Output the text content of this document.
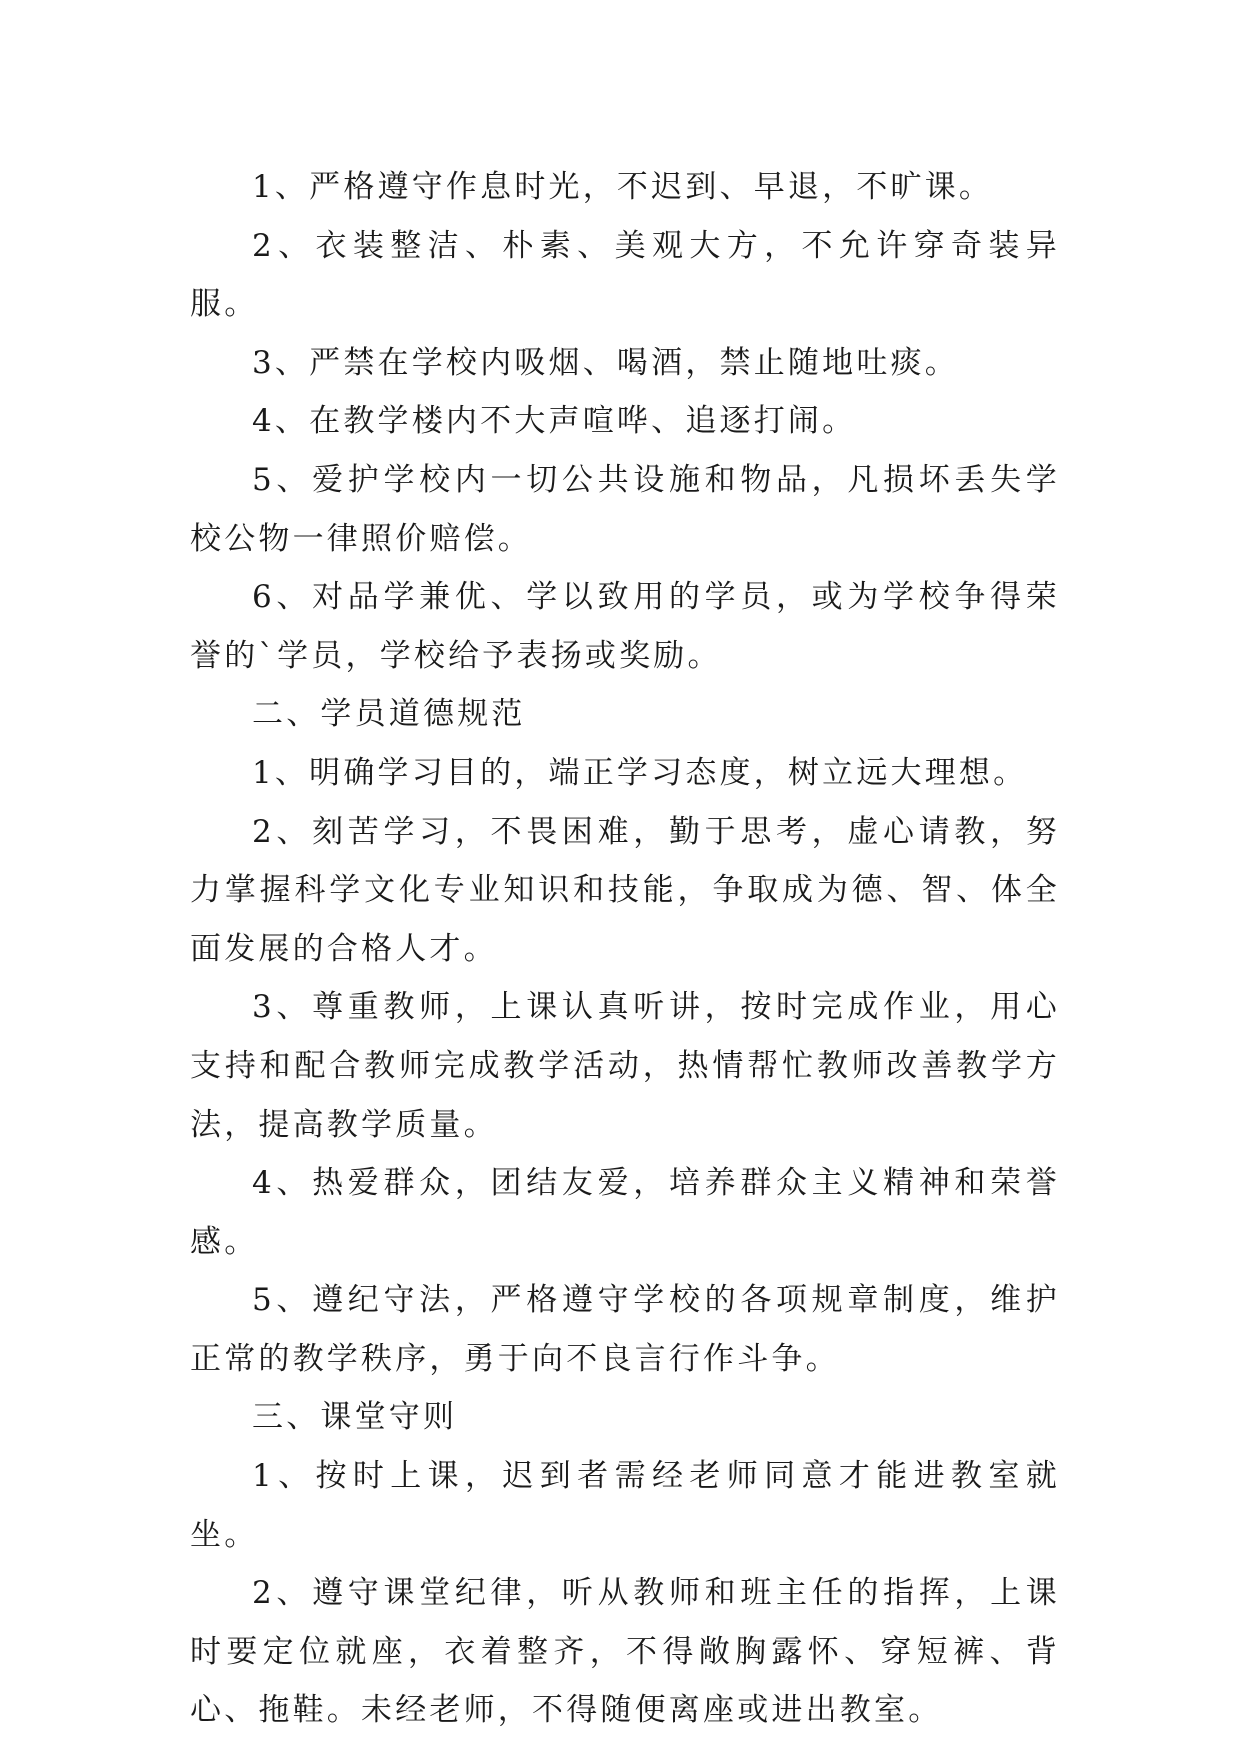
1、严格遵守作息时光，不迟到、早退，不旷课。

2、衣装整洁、朴素、美观大方，不允许穿奇装异服。

3、严禁在学校内吸烟、喝酒，禁止随地吐痰。

4、在教学楼内不大声喧哗、追逐打闹。

5、爱护学校内一切公共设施和物品，凡损坏丢失学校公物一律照价赔偿。

6、对品学兼优、学以致用的学员，或为学校争得荣誉的`学员，学校给予表扬或奖励。

二、学员道德规范

1、明确学习目的，端正学习态度，树立远大理想。

2、刻苦学习，不畏困难，勤于思考，虚心请教，努力掌握科学文化专业知识和技能，争取成为德、智、体全面发展的合格人才。

3、尊重教师，上课认真听讲，按时完成作业，用心支持和配合教师完成教学活动，热情帮忙教师改善教学方法，提高教学质量。

4、热爱群众，团结友爱，培养群众主义精神和荣誉感。

5、遵纪守法，严格遵守学校的各项规章制度，维护正常的教学秩序，勇于向不良言行作斗争。

三、课堂守则

1、按时上课，迟到者需经老师同意才能进教室就坐。

2、遵守课堂纪律，听从教师和班主任的指挥，上课时要定位就座，衣着整齐，不得敞胸露怀、穿短裤、背心、拖鞋。未经老师，不得随便离座或进出教室。
